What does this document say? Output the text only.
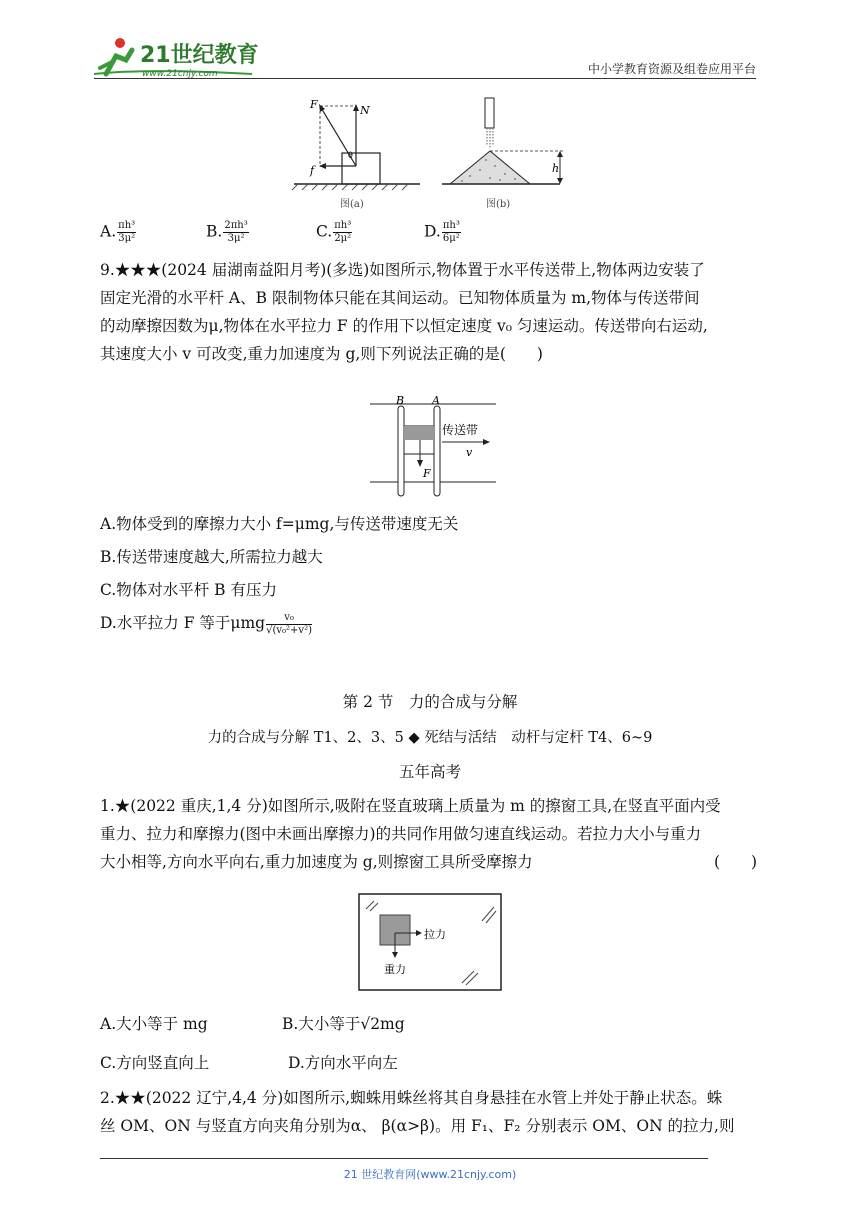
21世纪教育
www.21cnjy.com	中小学教育资源及组卷应用平台
F	N
f
θ
图(a)
h
图(b)
A. $\frac{\text{πh³}}{\text{3μ²}}$	B. $\frac{\text{2πh³}}{\text{3μ²}}$	C. $\frac{\text{πh³}}{\text{2μ²}}$	D. $\frac{\text{πh³}}{\text{6μ²}}$
9.★★★(2024 届湖南益阳月考)(多选)如图所示,物体置于水平传送带上,物体两边安装了
固定光滑的水平杆 A、B 限制物体只能在其间运动。已知物体质量为 m,物体与传送带间
的动摩擦因数为μ,物体在水平拉力 F 的作用下以恒定速度 v₀ 匀速运动。传送带向右运动,
其速度大小 v 可改变,重力加速度为 g,则下列说法正确的是(　　)
F
B	A
传送带
v
A.物体受到的摩擦力大小 f=μmg,与传送带速度无关
B.传送带速度越大,所需拉力越大
C.物体对水平杆 B 有压力
D.水平拉力 F 等于μmg $\frac{\text{v₀}}{\text{√(v₀²+v²)}}$
第 2 节　力的合成与分解
力的合成与分解 T1、2、3、5 ◆ 死结与活结　动杆与定杆 T4、6~9
五年高考
1.★(2022 重庆,1,4 分)如图所示,吸附在竖直玻璃上质量为 m 的擦窗工具,在竖直平面内受
重力、拉力和摩擦力(图中未画出摩擦力)的共同作用做匀速直线运动。若拉力大小与重力
大小相等,方向水平向右,重力加速度为 g,则擦窗工具所受摩擦力	(　　)
拉力
重力
A.大小等于 mg	B.大小等于√2mg
C.方向竖直向上	D.方向水平向左
2.★★(2022 辽宁,4,4 分)如图所示,蜘蛛用蛛丝将其自身悬挂在水管上并处于静止状态。蛛
丝 OM、ON 与竖直方向夹角分别为α、 β(α>β)。用 F₁、F₂ 分别表示 OM、ON 的拉力,则
21 世纪教育网(www.21cnjy.com)
